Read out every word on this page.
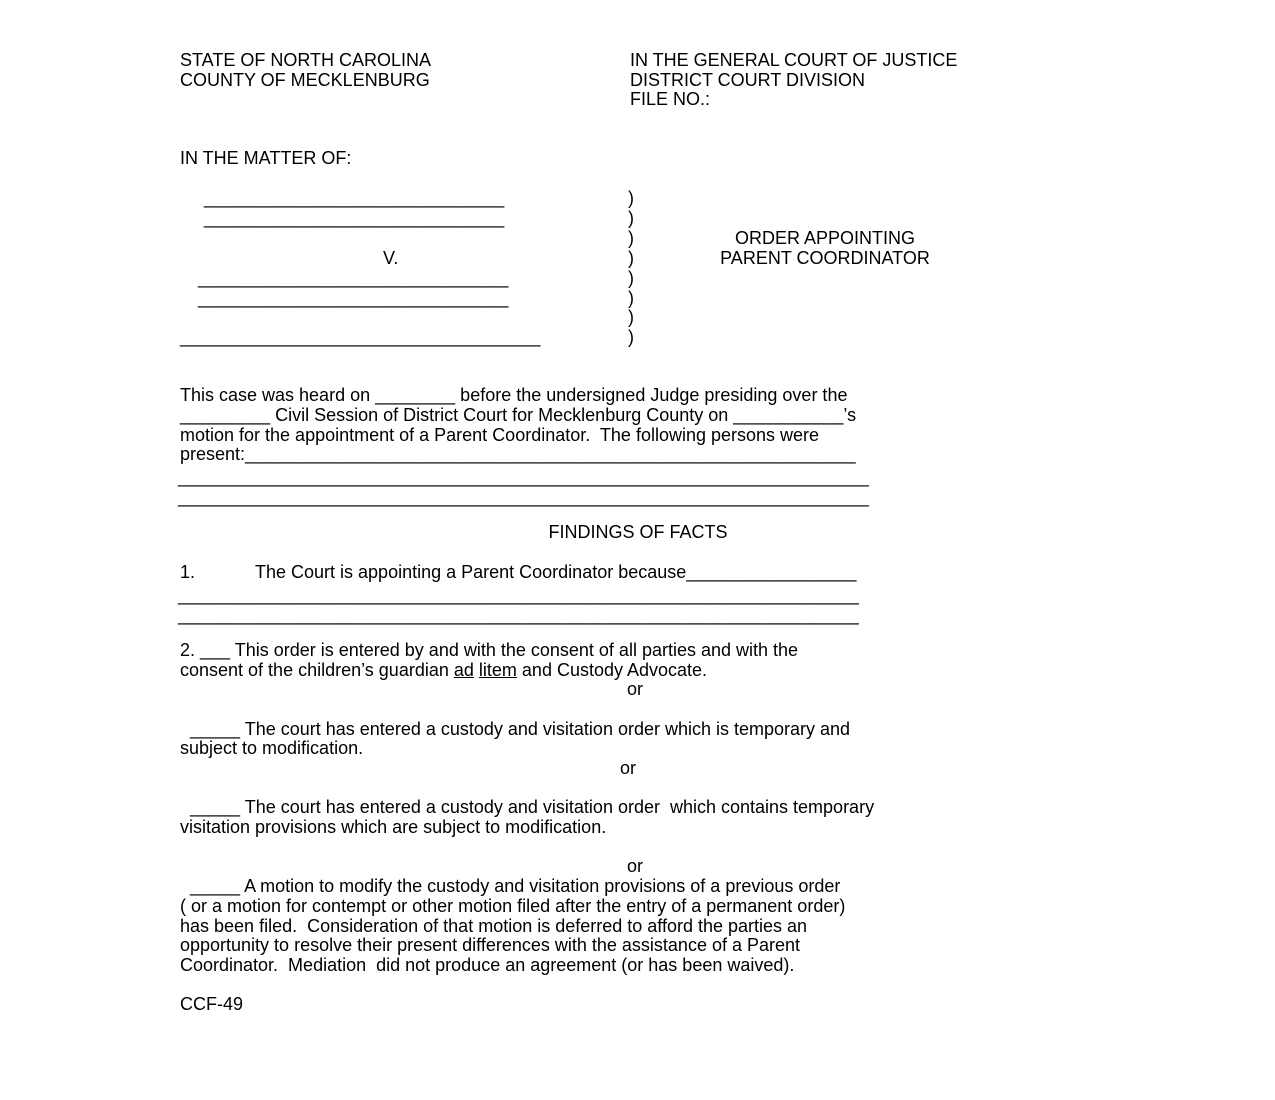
STATE OF NORTH CAROLINA

COUNTY OF MECKLENBURG

IN THE GENERAL COURT OF JUSTICE

DISTRICT COURT DIVISION

FILE NO.:

IN THE MATTER OF:

______________________________

______________________________

V.

_______________________________

_______________________________

____________________________________

)

)

)

)

)

)

)

)

ORDER APPOINTING

PARENT COORDINATOR

This case was heard on ________ before the undersigned Judge presiding over the

_________ Civil Session of District Court for Mecklenburg County on ___________’s

motion for the appointment of a Parent Coordinator.  The following persons were

present:_____________________________________________________________

_____________________________________________________________________

_____________________________________________________________________

FINDINGS OF FACTS

1.	The Court is appointing a Parent Coordinator because_________________

____________________________________________________________________

____________________________________________________________________

2. ___ This order is entered by and with the consent of all parties and with the

consent of the children’s guardian ad litem and Custody Advocate.

or

_____ The court has entered a custody and visitation order which is temporary and

subject to modification.

or

_____ The court has entered a custody and visitation order  which contains temporary

visitation provisions which are subject to modification.

or

_____ A motion to modify the custody and visitation provisions of a previous order

( or a motion for contempt or other motion filed after the entry of a permanent order)

has been filed.  Consideration of that motion is deferred to afford the parties an

opportunity to resolve their present differences with the assistance of a Parent

Coordinator.  Mediation  did not produce an agreement (or has been waived).

CCF-49
